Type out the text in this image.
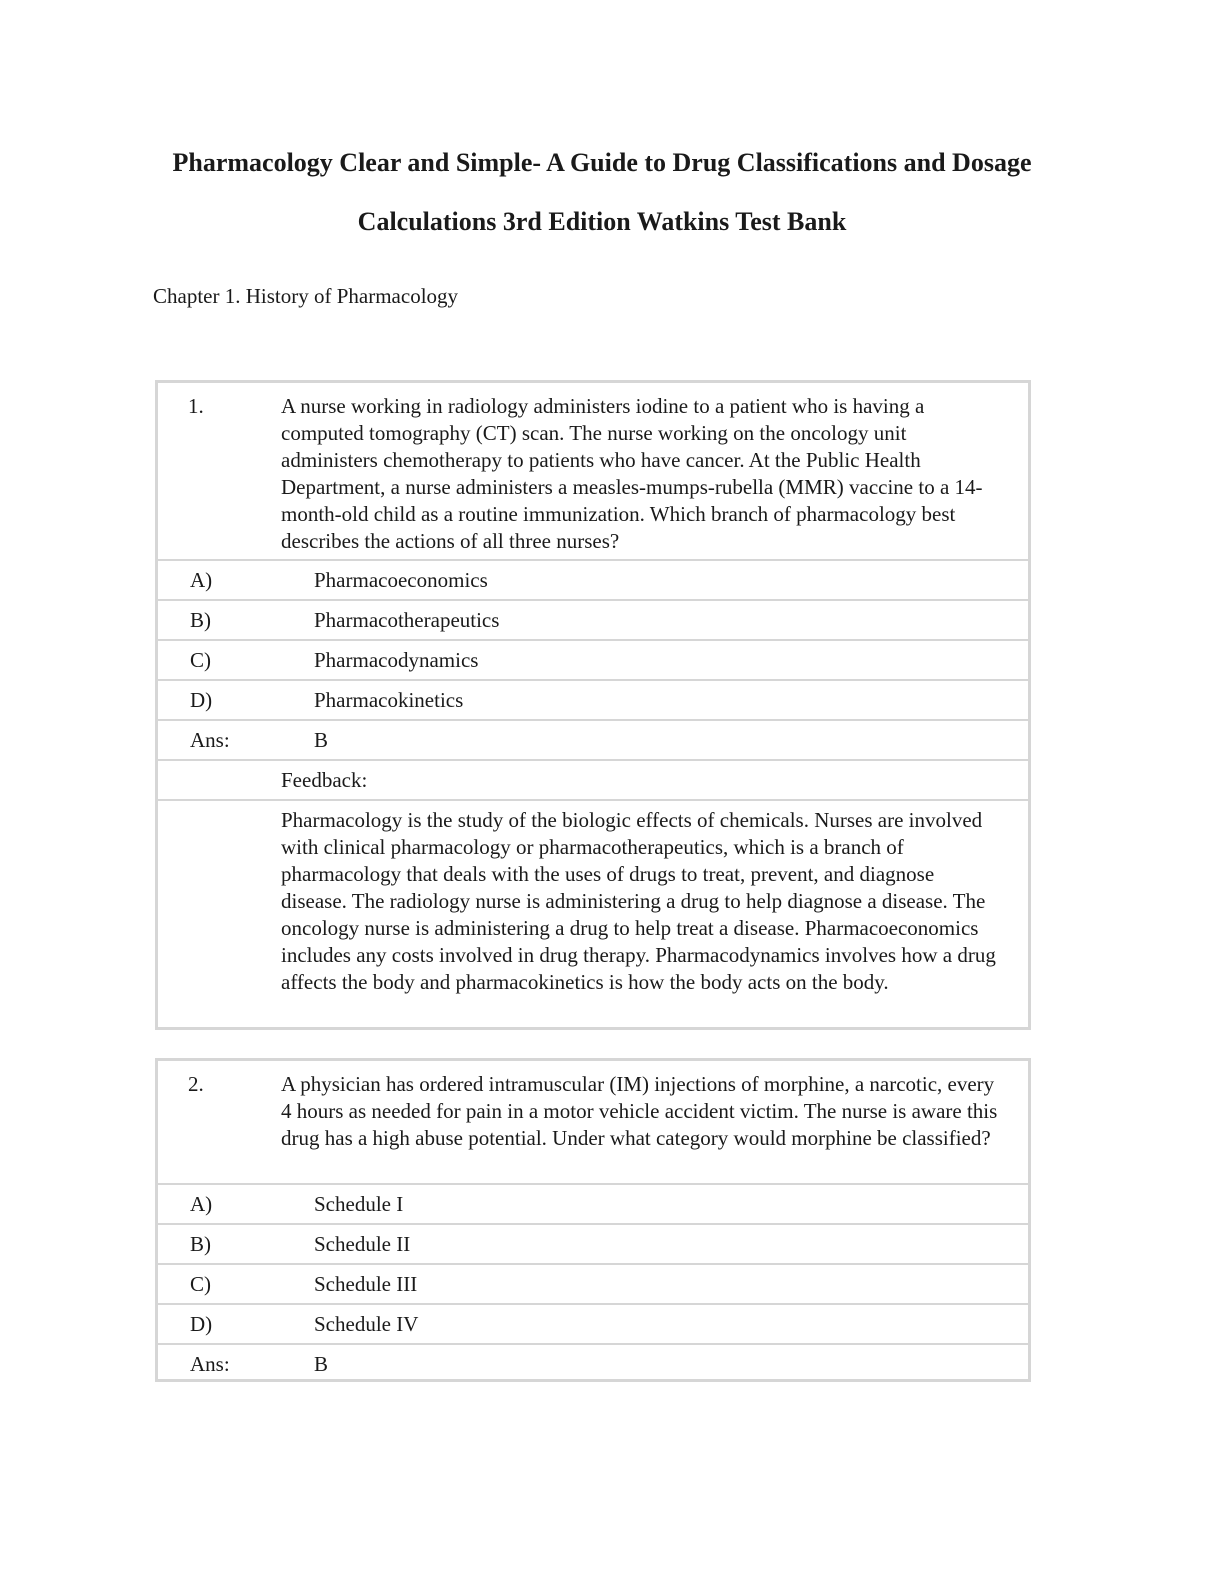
Pharmacology Clear and Simple- A Guide to Drug Classifications and Dosage
Calculations 3rd Edition Watkins Test Bank
Chapter 1. History of Pharmacology
1.	A nurse working in radiology administers iodine to a patient who is having a computed tomography (CT) scan. The nurse working on the oncology unit administers chemotherapy to patients who have cancer. At the Public Health Department, a nurse administers a measles-mumps-rubella (MMR) vaccine to a 14-month-old child as a routine immunization. Which branch of pharmacology best describes the actions of all three nurses?
A)	Pharmacoeconomics
B)	Pharmacotherapeutics
C)	Pharmacodynamics
D)	Pharmacokinetics
Ans:	B
Feedback:
Pharmacology is the study of the biologic effects of chemicals. Nurses are involved with clinical pharmacology or pharmacotherapeutics, which is a branch of pharmacology that deals with the uses of drugs to treat, prevent, and diagnose disease. The radiology nurse is administering a drug to help diagnose a disease. The oncology nurse is administering a drug to help treat a disease. Pharmacoeconomics includes any costs involved in drug therapy. Pharmacodynamics involves how a drug affects the body and pharmacokinetics is how the body acts on the body.
2.	A physician has ordered intramuscular (IM) injections of morphine, a narcotic, every 4 hours as needed for pain in a motor vehicle accident victim. The nurse is aware this drug has a high abuse potential. Under what category would morphine be classified?
A)	Schedule I
B)	Schedule II
C)	Schedule III
D)	Schedule IV
Ans:	B
